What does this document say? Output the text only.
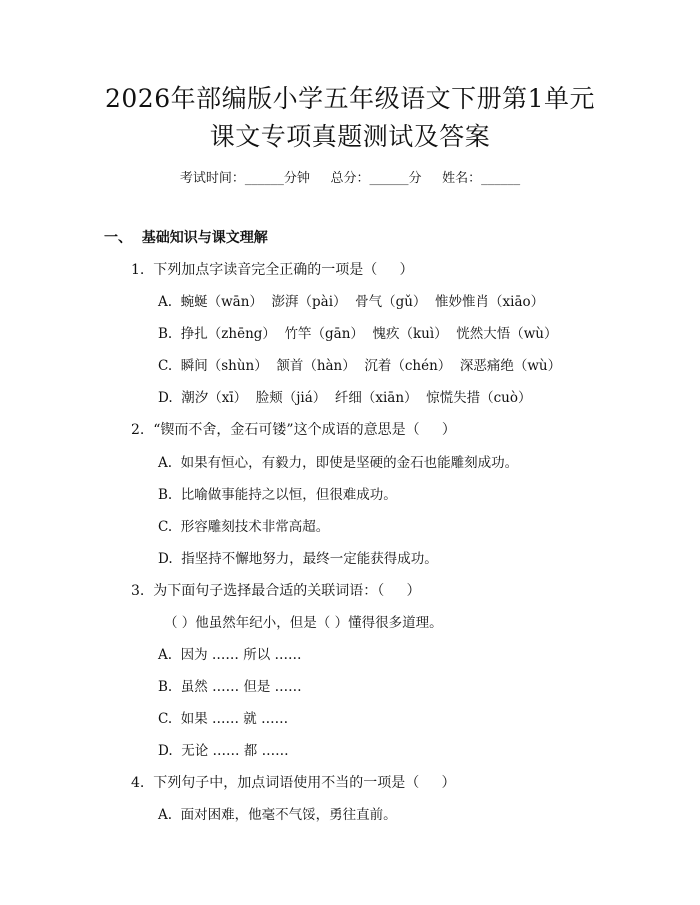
2026年部编版小学五年级语文下册第1单元
课文专项真题测试及答案
考试时间：______分钟     总分：______分     姓名：______
一、  基础知识与课文理解
1.  下列加点字读音完全正确的一项是（     ）
A.  蜿蜒（wān）  澎湃（pài）  骨气（gǔ）  惟妙惟肖（xiāo）
B.  挣扎（zhēng）  竹竿（gān）  愧疚（kuì）  恍然大悟（wù）
C.  瞬间（shùn）  颔首（hàn）  沉着（chén）  深恶痛绝（wù）
D.  潮汐（xī）  脸颊（jiá）  纤细（xiān）  惊慌失措（cuò）
2.  “锲而不舍，金石可镂”这个成语的意思是（     ）
A.  如果有恒心，有毅力，即使是坚硬的金石也能雕刻成功。
B.  比喻做事能持之以恒，但很难成功。
C.  形容雕刻技术非常高超。
D.  指坚持不懈地努力，最终一定能获得成功。
3.  为下面句子选择最合适的关联词语：（     ）
（ ）他虽然年纪小，但是（ ）懂得很多道理。
A.  因为 …… 所以 ……
B.  虽然 …… 但是 ……
C.  如果 …… 就 ……
D.  无论 …… 都 ……
4.  下列句子中，加点词语使用不当的一项是（     ）
A.  面对困难，他毫不气馁，勇往直前。
